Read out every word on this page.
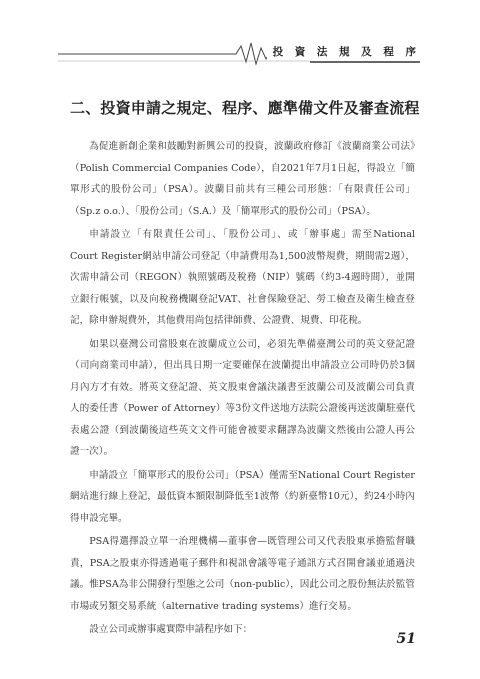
投 資 法 規 及 程 序
二、投資申請之規定、程序、應準備文件及審查流程

為促進新創企業和鼓勵對新興公司的投資，波蘭政府修訂《波蘭商業公司法》（Polish Commercial Companies Code），自2021年7月1日起，得設立「簡單形式的股份公司」（PSA）。波蘭目前共有三種公司形態：「有限責任公司」（Sp.z o.o.）、「股份公司」（S.A.）及「簡單形式的股份公司」（PSA）。

申請設立「有限責任公司」、「股份公司」、或「辦事處」需至National Court Register網站申請公司登記（申請費用為1,500波幣規費，期間需2週），次需申請公司（REGON）執照號碼及稅務（NIP）號碼（約3-4週時間），並開立銀行帳號，以及向稅務機關登記VAT、社會保險登記、勞工檢查及衛生檢查登記，除申辦規費外，其他費用尚包括律師費、公證費、規費、印花稅。

如果以臺灣公司當股東在波蘭成立公司，必須先準備臺灣公司的英文登記證（司向商業司申請），但出具日期一定要確保在波蘭提出申請設立公司時仍於3個月內方才有效。將英文登記證、英文股東會議決議書至波蘭公司及波蘭公司負責人的委任書（Power of Attorney）等3份文件送地方法院公證後再送波蘭駐臺代表處公證（到波蘭後這些英文文件可能會被要求翻譯為波蘭文然後由公證人再公證一次）。

申請設立「簡單形式的股份公司」（PSA）僅需至National Court Register 網站進行線上登記，最低資本額限制降低至1波幣（約新臺幣10元），約24小時內得申設完畢。

PSA得選擇設立單一治理機構—董事會—既管理公司又代表股東承擔監督職責，PSA之股東亦得透過電子郵件和視訊會議等電子通訊方式召開會議並通過決議。惟PSA為非公開發行型態之公司（non-public），因此公司之股份無法於監管市場或另類交易系統（alternative trading systems）進行交易。

設立公司或辦事處實際申請程序如下：

51
